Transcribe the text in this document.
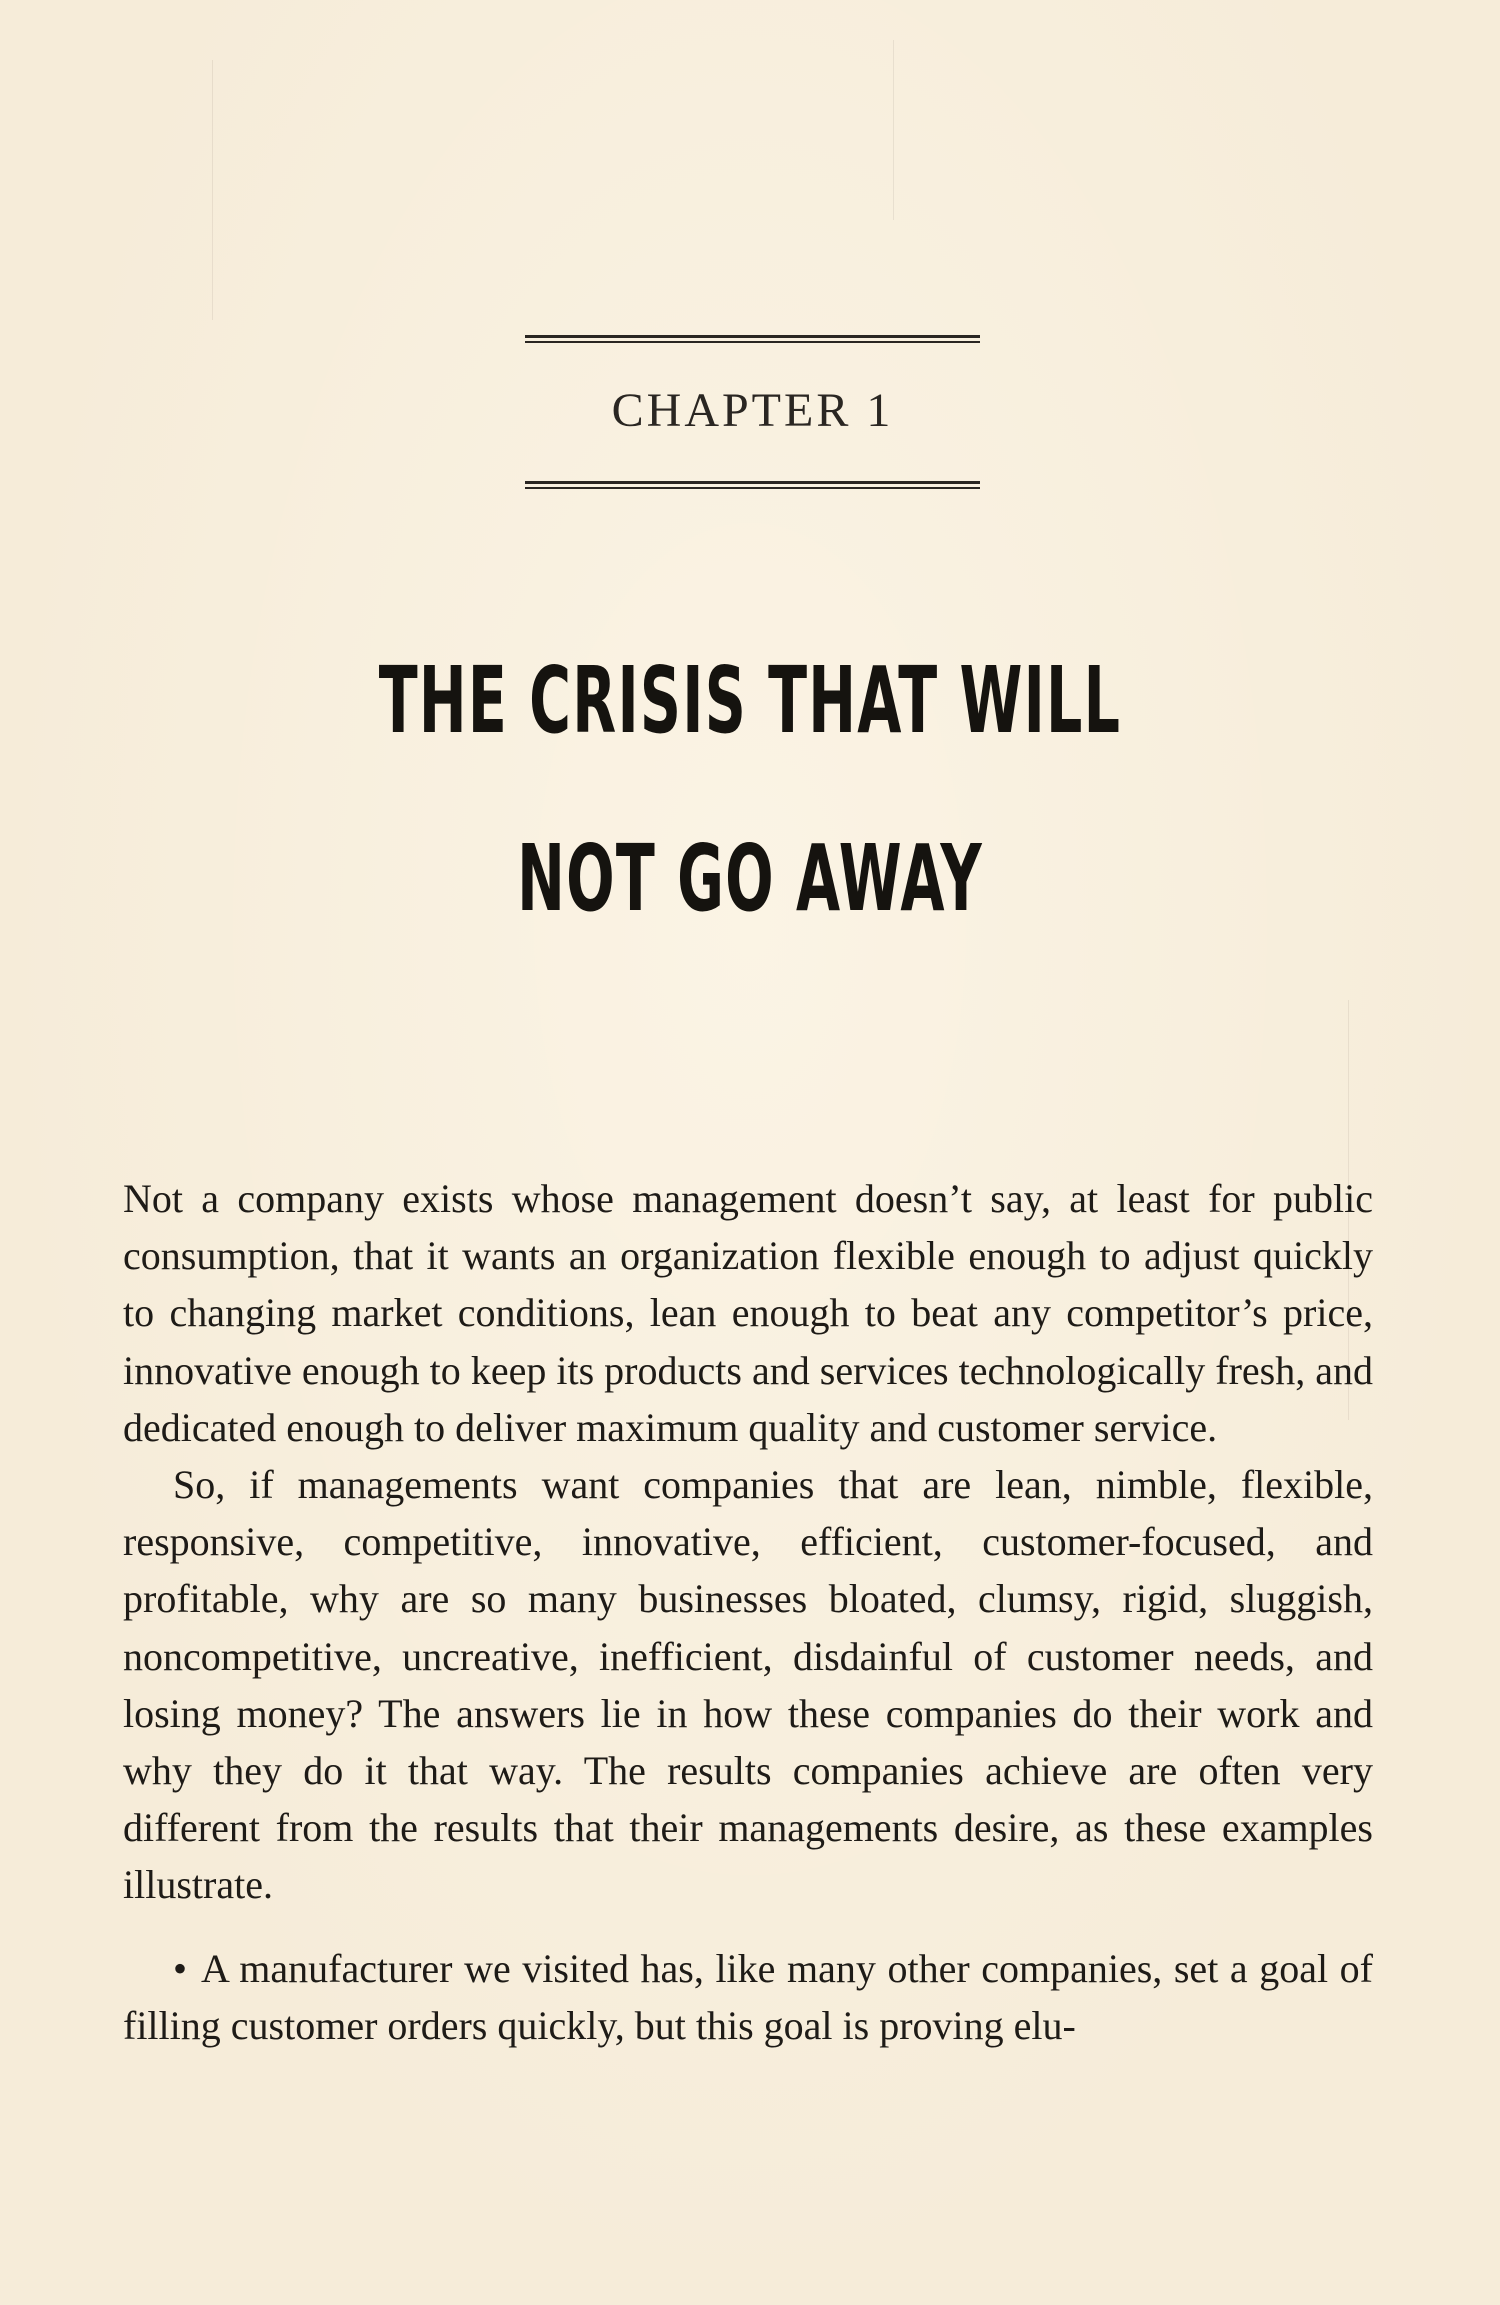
CHAPTER 1
THE CRISIS THAT WILL
NOT GO AWAY

Not a company exists whose management doesn’t say, at least for public consumption, that it wants an organization flexible enough to adjust quickly to changing market conditions, lean enough to beat any competitor’s price, innovative enough to keep its products and services technologically fresh, and dedicated enough to deliver maximum quality and customer service.

So, if managements want companies that are lean, nimble, flexible, responsive, competitive, innovative, efficient, customer-focused, and profitable, why are so many businesses bloated, clumsy, rigid, sluggish, noncompetitive, uncreative, inefficient, disdainful of customer needs, and losing money? The answers lie in how these companies do their work and why they do it that way. The results companies achieve are often very different from the results that their managements desire, as these examples illustrate.

• A manufacturer we visited has, like many other companies, set a goal of filling customer orders quickly, but this goal is proving elu-
